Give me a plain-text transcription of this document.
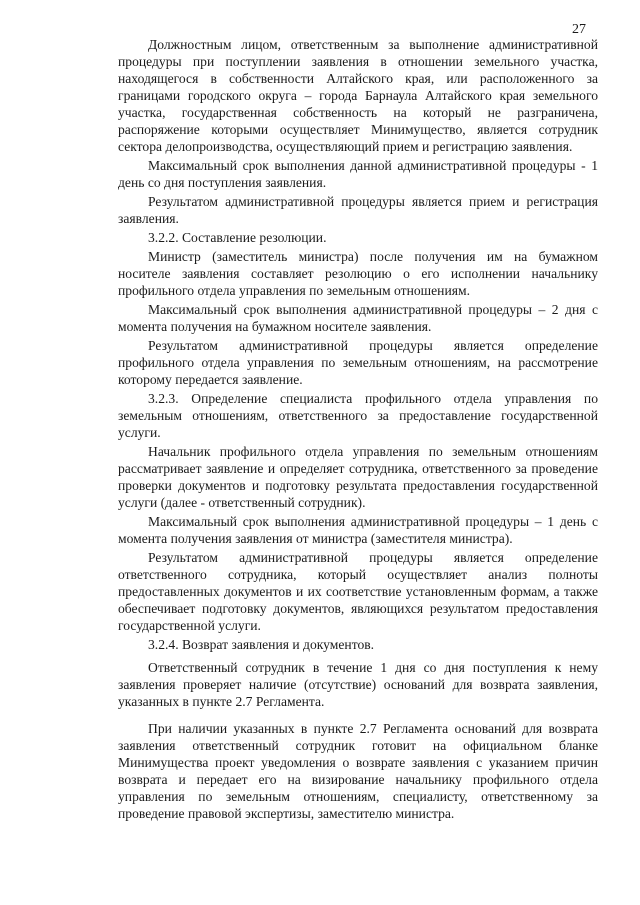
27

Должностным лицом, ответственным за выполнение административной процедуры при поступлении заявления в отношении земельного участка, находящегося в собственности Алтайского края, или расположенного за границами городского округа – города Барнаула Алтайского края земельного участка, государственная собственность на который не разграничена, распоряжение которыми осуществляет Минимущество, является сотрудник сектора делопроизводства, осуществляющий прием и регистрацию заявления.

Максимальный срок выполнения данной административной процедуры - 1 день со дня поступления заявления.

Результатом административной процедуры является прием и регистрация заявления.

3.2.2. Составление резолюции.

Министр (заместитель министра) после получения им на бумажном носителе заявления составляет резолюцию о его исполнении начальнику профильного отдела управления по земельным отношениям.

Максимальный срок выполнения административной процедуры – 2 дня с момента получения на бумажном носителе заявления.

Результатом административной процедуры является определение профильного отдела управления по земельным отношениям, на рассмотрение которому передается заявление.

3.2.3. Определение специалиста профильного отдела управления по земельным отношениям, ответственного за предоставление государственной услуги.

Начальник профильного отдела управления по земельным отношениям рассматривает заявление и определяет сотрудника, ответственного за проведение проверки документов и подготовку результата предоставления государственной услуги (далее - ответственный сотрудник).

Максимальный срок выполнения административной процедуры – 1 день с момента получения заявления от министра (заместителя министра).

Результатом административной процедуры является определение ответственного сотрудника, который осуществляет анализ полноты предоставленных документов и их соответствие установленным формам, а также обеспечивает подготовку документов, являющихся результатом предоставления государственной услуги.

3.2.4. Возврат заявления и документов.

Ответственный сотрудник в течение 1 дня со дня поступления к нему заявления проверяет наличие (отсутствие) оснований для возврата заявления, указанных в пункте 2.7 Регламента.

При наличии указанных в пункте 2.7 Регламента оснований для возврата заявления ответственный сотрудник готовит на официальном бланке Минимущества проект уведомления о возврате заявления с указанием причин возврата и передает его на визирование начальнику профильного отдела управления по земельным отношениям, специалисту, ответственному за проведение правовой экспертизы, заместителю министра.
